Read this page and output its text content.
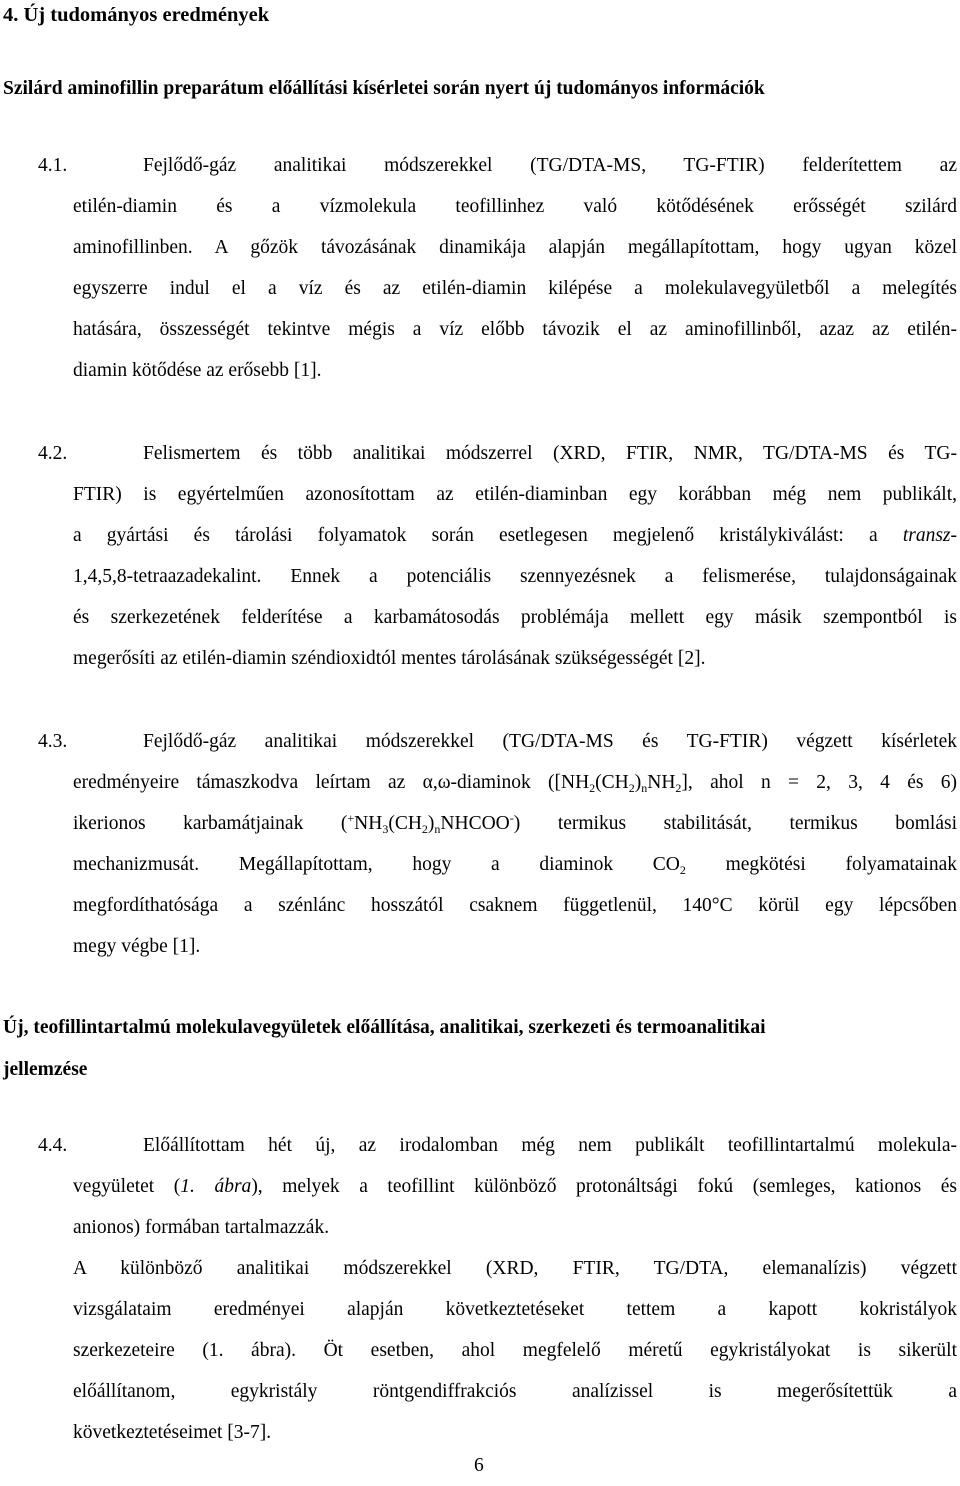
4. Új tudományos eredmények
Szilárd aminofillin preparátum előállítási kísérletei során nyert új tudományos információk
4.1.	Fejlődő-gáz analitikai módszerekkel (TG/DTA-MS, TG-FTIR) felderítettem az
etilén-diamin és a vízmolekula teofillinhez való kötődésének erősségét szilárd
aminofillinben. A gőzök távozásának dinamikája alapján megállapítottam, hogy ugyan közel
egyszerre indul el a víz és az etilén-diamin kilépése a molekulavegyületből a melegítés
hatására, összességét tekintve mégis a víz előbb távozik el az aminofillinből, azaz az etilén-
diamin kötődése az erősebb [1].
4.2.	Felismertem és több analitikai módszerrel (XRD, FTIR, NMR, TG/DTA-MS és TG-
FTIR) is egyértelműen azonosítottam az etilén-diaminban egy korábban még nem publikált,
a gyártási és tárolási folyamatok során esetlegesen megjelenő kristálykiválást: a transz-
1,4,5,8-tetraazadekalint. Ennek a potenciális szennyezésnek a felismerése, tulajdonságainak
és szerkezetének felderítése a karbamátosodás problémája mellett egy másik szempontból is
megerősíti az etilén-diamin széndioxidtól mentes tárolásának szükségességét [2].
4.3.	Fejlődő-gáz analitikai módszerekkel (TG/DTA-MS és TG-FTIR) végzett kísérletek
eredményeire támaszkodva leírtam az α,ω-diaminok ($[NH_2(CH_2)_nNH_2]$, ahol n = 2, 3, 4 és 6)
ikerionos karbamátjainak $(^+NH_3(CH_2)_nNHCOO^-)$ termikus stabilitását, termikus bomlási
mechanizmusát. Megállapítottam, hogy a diaminok $CO_2$ megkötési folyamatainak
megfordíthatósága a szénlánc hosszától csaknem függetlenül, 140°C körül egy lépcsőben
megy végbe [1].
Új, teofillintartalmú molekulavegyületek előállítása, analitikai, szerkezeti és termoanalitikai
jellemzése
4.4.	Előállítottam hét új, az irodalomban még nem publikált teofillintartalmú molekula-
vegyületet (1. ábra), melyek a teofillint különböző protonáltsági fokú (semleges, kationos és
anionos) formában tartalmazzák.
A különböző analitikai módszerekkel (XRD, FTIR, TG/DTA, elemanalízis) végzett
vizsgálataim eredményei alapján következtetéseket tettem a kapott kokristályok
szerkezeteire (1. ábra). Öt esetben, ahol megfelelő méretű egykristályokat is sikerült
előállítanom, egykristály röntgendiffrakciós analízissel is megerősítettük a
következtetéseimet [3-7].
6
